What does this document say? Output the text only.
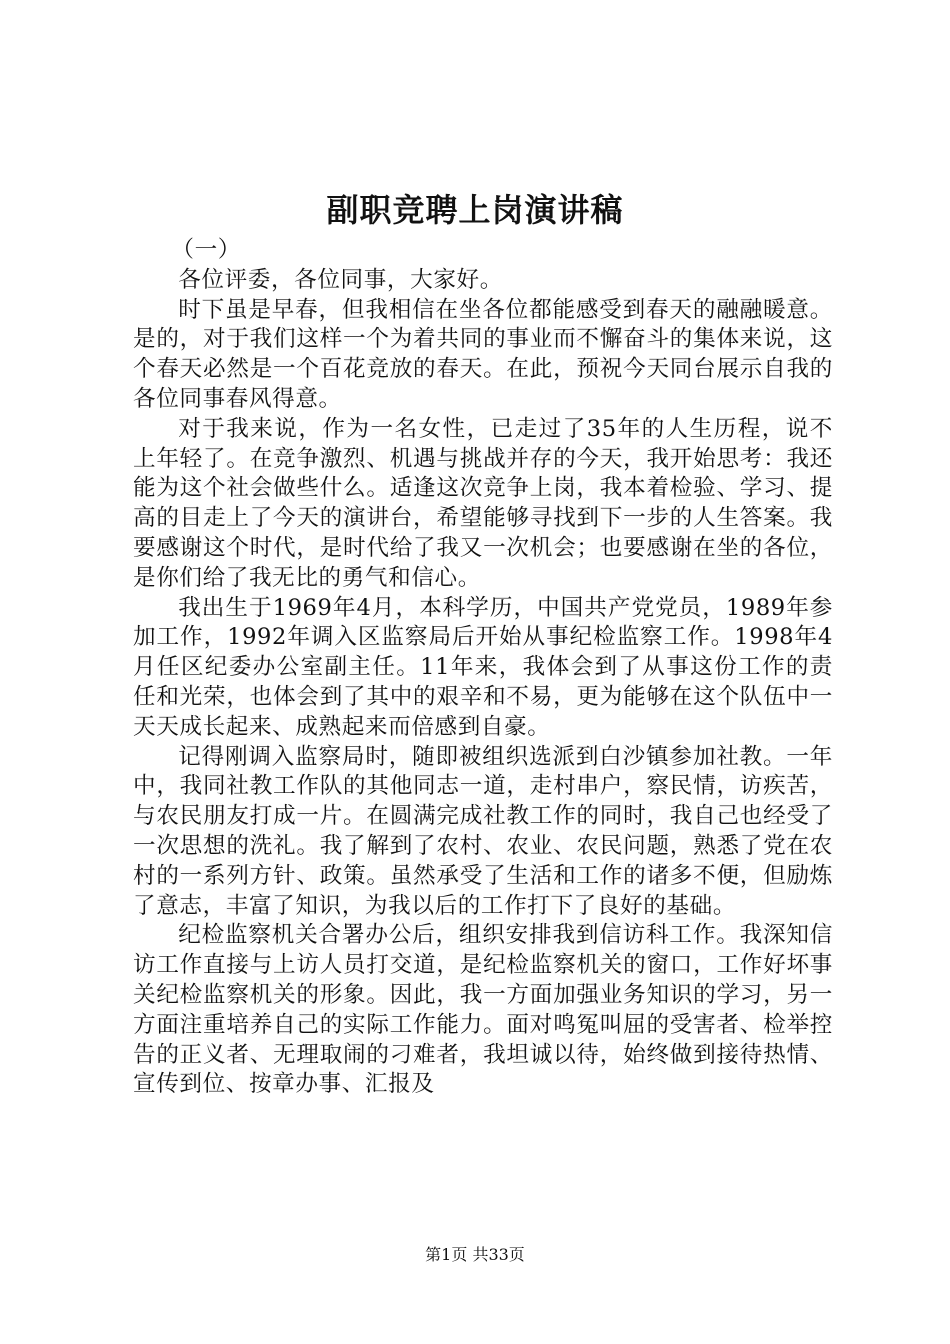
副职竞聘上岗演讲稿

（一）

各位评委，各位同事，大家好。

时下虽是早春，但我相信在坐各位都能感受到春天的融融暖意。是的，对于我们这样一个为着共同的事业而不懈奋斗的集体来说，这个春天必然是一个百花竞放的春天。在此，预祝今天同台展示自我的各位同事春风得意。

对于我来说，作为一名女性，已走过了35年的人生历程，说不上年轻了。在竞争激烈、机遇与挑战并存的今天，我开始思考：我还能为这个社会做些什么。适逢这次竞争上岗，我本着检验、学习、提高的目走上了今天的演讲台，希望能够寻找到下一步的人生答案。我要感谢这个时代，是时代给了我又一次机会；也要感谢在坐的各位，是你们给了我无比的勇气和信心。

我出生于1969年4月，本科学历，中国共产党党员，1989年参加工作，1992年调入区监察局后开始从事纪检监察工作。1998年4月任区纪委办公室副主任。11年来，我体会到了从事这份工作的责任和光荣，也体会到了其中的艰辛和不易，更为能够在这个队伍中一天天成长起来、成熟起来而倍感到自豪。

记得刚调入监察局时，随即被组织选派到白沙镇参加社教。一年中，我同社教工作队的其他同志一道，走村串户，察民情，访疾苦，与农民朋友打成一片。在圆满完成社教工作的同时，我自己也经受了一次思想的洗礼。我了解到了农村、农业、农民问题，熟悉了党在农村的一系列方针、政策。虽然承受了生活和工作的诸多不便，但励炼了意志，丰富了知识，为我以后的工作打下了良好的基础。

纪检监察机关合署办公后，组织安排我到信访科工作。我深知信访工作直接与上访人员打交道，是纪检监察机关的窗口，工作好坏事关纪检监察机关的形象。因此，我一方面加强业务知识的学习，另一方面注重培养自己的实际工作能力。面对鸣冤叫屈的受害者、检举控告的正义者、无理取闹的刁难者，我坦诚以待，始终做到接待热情、宣传到位、按章办事、汇报及

第1页 共33页
